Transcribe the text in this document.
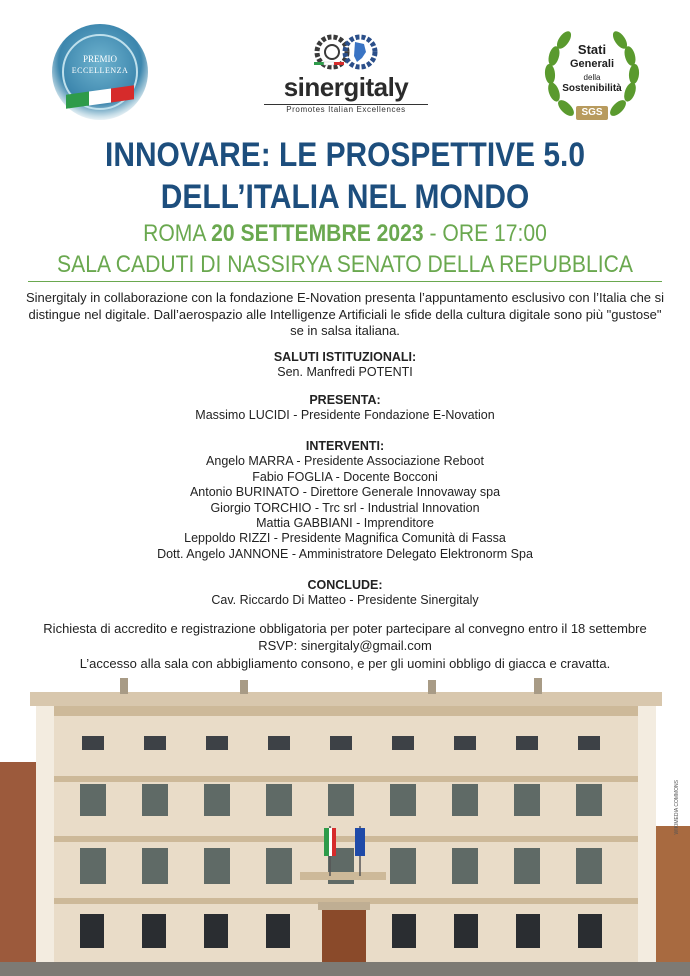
PREMIO
ECCELLENZA
sinergitaly
Promotes Italian Excellences
Stati
Generali
della
Sostenibilità
SGS
INNOVARE: LE PROSPETTIVE 5.0
DELL’ITALIA NEL MONDO
ROMA 20 SETTEMBRE 2023 - ORE 17:00
SALA CADUTI DI NASSIRYA SENATO DELLA REPUBBLICA
Sinergitaly in collaborazione con la fondazione E-Novation presenta l’appuntamento esclusivo con l’Italia che si distingue nel digitale. Dall’aerospazio alle Intelligenze Artificiali le sfide della cultura digitale sono più "gustose" se in salsa italiana.
SALUTI ISTITUZIONALI:
Sen. Manfredi POTENTI
PRESENTA:
Massimo LUCIDI - Presidente Fondazione E-Novation
INTERVENTI:
Angelo MARRA - Presidente Associazione Reboot
Fabio FOGLIA - Docente Bocconi
Antonio BURINATO - Direttore Generale Innovaway spa
Giorgio TORCHIO - Trc srl - Industrial Innovation
Mattia GABBIANI - Imprenditore
Leppoldo RIZZI - Presidente Magnifica Comunità di Fassa
Dott. Angelo JANNONE - Amministratore Delegato Elektronorm Spa
CONCLUDE:
Cav. Riccardo Di Matteo - Presidente Sinergitaly
Richiesta di accredito e registrazione obbligatoria per poter partecipare al convegno entro il 18 settembre
RSVP: sinergitaly@gmail.com
L’accesso alla sala con abbigliamento consono, e per gli uomini obbligo di giacca e cravatta.
WIKIMEDIA COMMONS
